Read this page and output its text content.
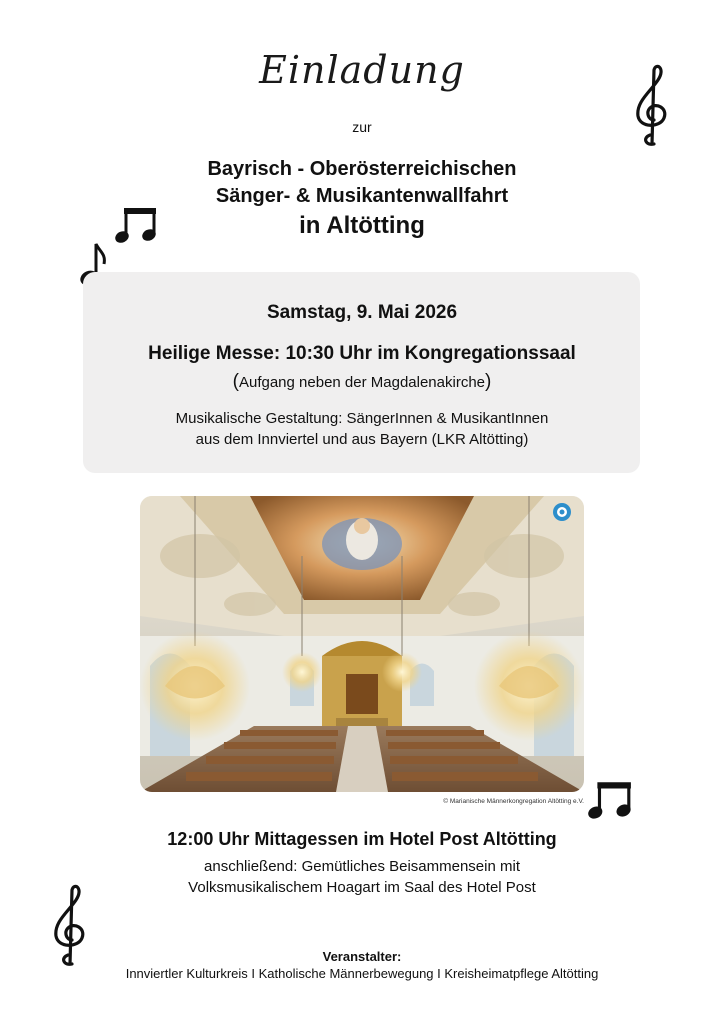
Einladung
zur
Bayrisch - Oberösterreichischen
Sänger- & Musikantenwallfahrt
in Altötting
Samstag, 9. Mai 2026
Heilige Messe: 10:30 Uhr im Kongregationssaal
(Aufgang neben der Magdalenakirche)
Musikalische Gestaltung: SängerInnen & MusikantInnen
aus dem Innviertel und aus Bayern (LKR Altötting)
© Marianische Männerkongregation Altötting e.V.
12:00 Uhr Mittagessen im Hotel Post Altötting
anschließend: Gemütliches Beisammensein mit
Volksmusikalischem Hoagart im Saal des Hotel Post
Veranstalter:
Innviertler Kulturkreis I Katholische Männerbewegung I Kreisheimatpflege Altötting
